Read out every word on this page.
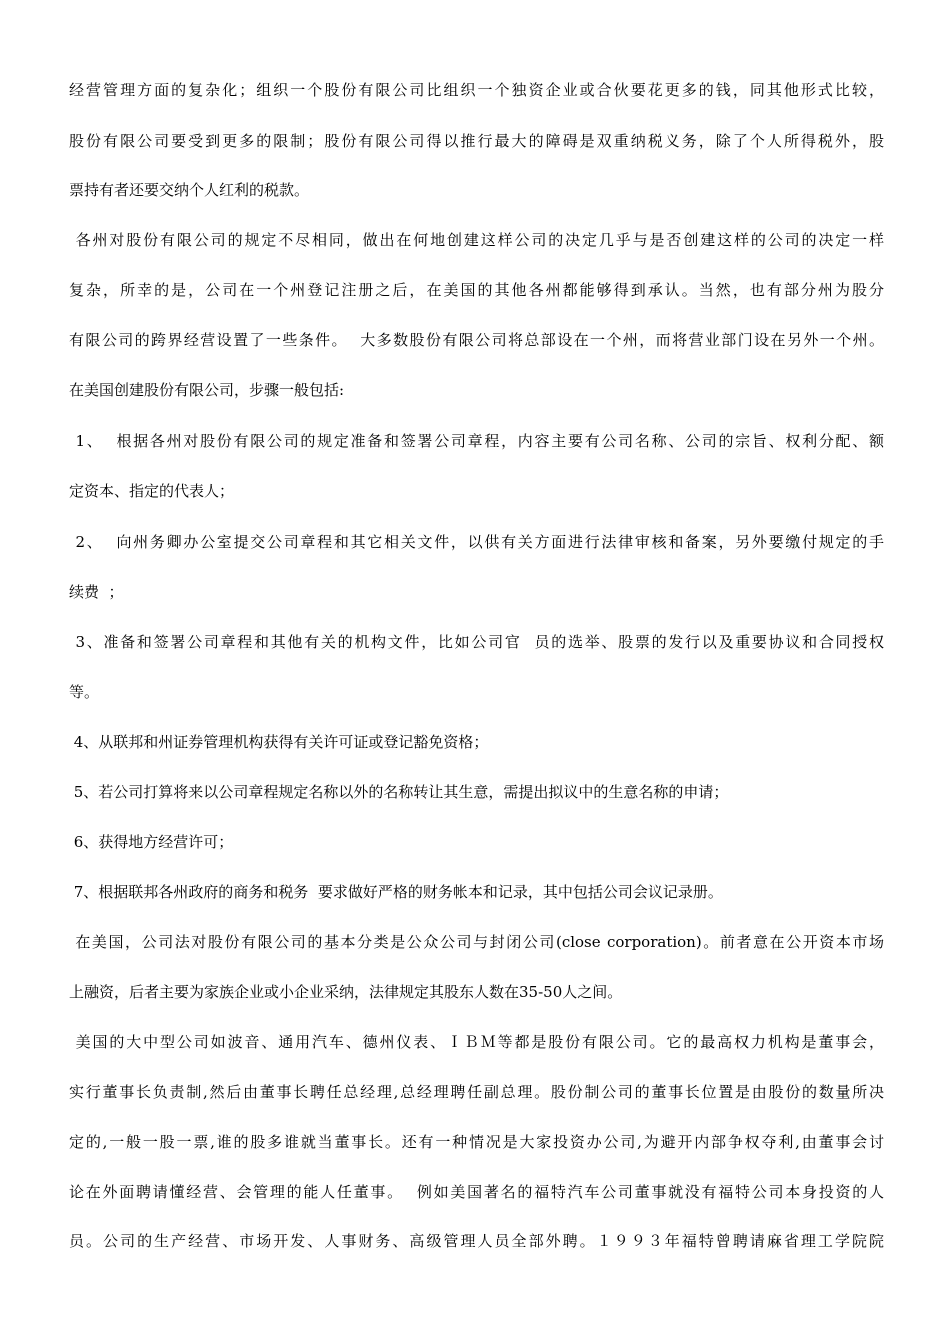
经营管理方面的复杂化；组织一个股份有限公司比组织一个独资企业或合伙要花更多的钱，同其他形式比较，

股份有限公司要受到更多的限制；股份有限公司得以推行最大的障碍是双重纳税义务，除了个人所得税外，股

票持有者还要交纳个人红利的税款。

各州对股份有限公司的规定不尽相同，做出在何地创建这样公司的决定几乎与是否创建这样的公司的决定一样

复杂，所幸的是，公司在一个州登记注册之后，在美国的其他各州都能够得到承认。当然，也有部分州为股分

有限公司的跨界经营设置了一些条件。  大多数股份有限公司将总部设在一个州，而将营业部门设在另外一个州。

在美国创建股份有限公司，步骤一般包括:

1、  根据各州对股份有限公司的规定准备和签署公司章程，内容主要有公司名称、公司的宗旨、权利分配、额

定资本、指定的代表人；

2、  向州务卿办公室提交公司章程和其它相关文件，以供有关方面进行法律审核和备案，另外要缴付规定的手

续费  ；

3、准备和签署公司章程和其他有关的机构文件，比如公司官  员的选举、股票的发行以及重要协议和合同授权

等。

4、从联邦和州证券管理机构获得有关许可证或登记豁免资格；

5、若公司打算将来以公司章程规定名称以外的名称转让其生意，需提出拟议中的生意名称的申请；

6、获得地方经营许可；

7、根据联邦各州政府的商务和税务  要求做好严格的财务帐本和记录，其中包括公司会议记录册。

在美国，公司法对股份有限公司的基本分类是公众公司与封闭公司(close corporation)。前者意在公开资本市场

上融资，后者主要为家族企业或小企业采纳，法律规定其股东人数在35-50人之间。

美国的大中型公司如波音、通用汽车、德州仪表、ＩＢＭ等都是股份有限公司。它的最高权力机构是董事会，

实行董事长负责制,然后由董事长聘任总经理,总经理聘任副总理。股份制公司的董事长位置是由股份的数量所决

定的,一般一股一票,谁的股多谁就当董事长。还有一种情况是大家投资办公司,为避开内部争权夺利,由董事会讨

论在外面聘请懂经营、会管理的能人任董事。  例如美国著名的福特汽车公司董事就没有福特公司本身投资的人

员。公司的生产经营、市场开发、人事财务、高级管理人员全部外聘。１９９３年福特曾聘请麻省理工学院院
